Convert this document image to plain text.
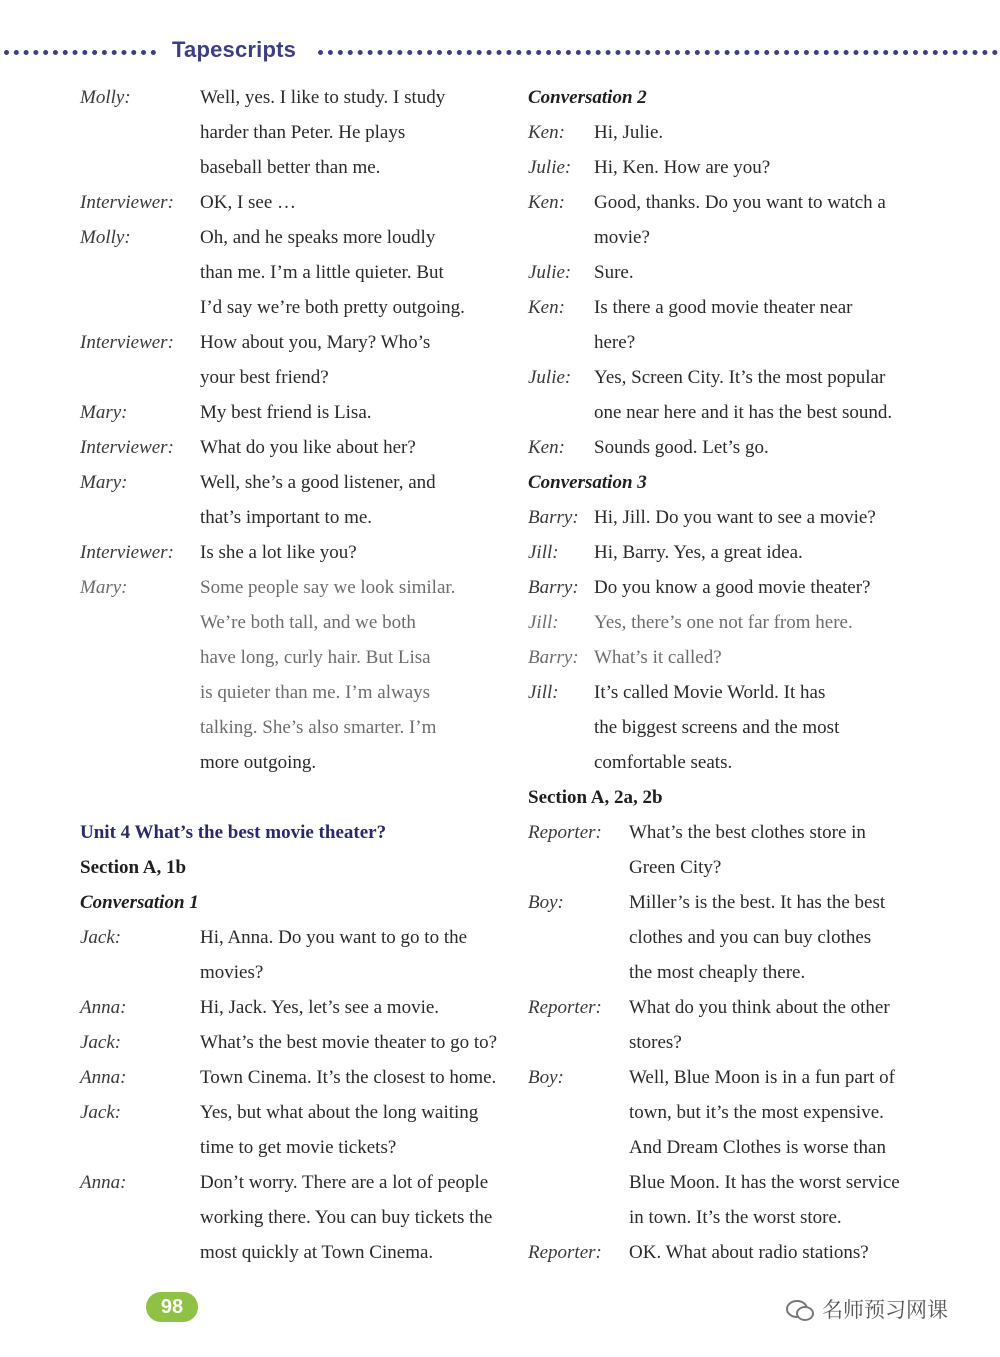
Tapescripts
Molly:	Well, yes. I like to study. I study
harder than Peter. He plays
baseball better than me.
Interviewer: OK, I see …
Molly:	Oh, and he speaks more loudly
than me. I’m a little quieter. But
I’d say we’re both pretty outgoing.
Interviewer: How about you, Mary? Who’s
your best friend?
Mary:	My best friend is Lisa.
Interviewer: What do you like about her?
Mary:	Well, she’s a good listener, and
that’s important to me.
Interviewer: Is she a lot like you?
Mary:	Some people say we look similar.
We’re both tall, and we both
have long, curly hair. But Lisa
is quieter than me. I’m always
talking. She’s also smarter. I’m
more outgoing.
Unit 4 What’s the best movie theater?
Section A, 1b
Conversation 1
Jack:	Hi, Anna. Do you want to go to the
movies?
Anna:	Hi, Jack. Yes, let’s see a movie.
Jack:	What’s the best movie theater to go to?
Anna:	Town Cinema. It’s the closest to home.
Jack:	Yes, but what about the long waiting
time to get movie tickets?
Anna:	Don’t worry. There are a lot of people
working there. You can buy tickets the
most quickly at Town Cinema.
Conversation 2
Ken: Hi, Julie.
Julie: Hi, Ken. How are you?
Ken: Good, thanks. Do you want to watch a
movie?
Julie: Sure.
Ken: Is there a good movie theater near
here?
Julie: Yes, Screen City. It’s the most popular
one near here and it has the best sound.
Ken: Sounds good. Let’s go.
Conversation 3
Barry: Hi, Jill. Do you want to see a movie?
Jill: Hi, Barry. Yes, a great idea.
Barry: Do you know a good movie theater?
Jill: Yes, there’s one not far from here.
Barry: What’s it called?
Jill: It’s called Movie World. It has
the biggest screens and the most
comfortable seats.
Section A, 2a, 2b
Reporter: What’s the best clothes store in
Green City?
Boy:	Miller’s is the best. It has the best
clothes and you can buy clothes
the most cheaply there.
Reporter: What do you think about the other
stores?
Boy:	Well, Blue Moon is in a fun part of
town, but it’s the most expensive.
And Dream Clothes is worse than
Blue Moon. It has the worst service
in town. It’s the worst store.
Reporter: OK. What about radio stations?
98	名师预习网课
